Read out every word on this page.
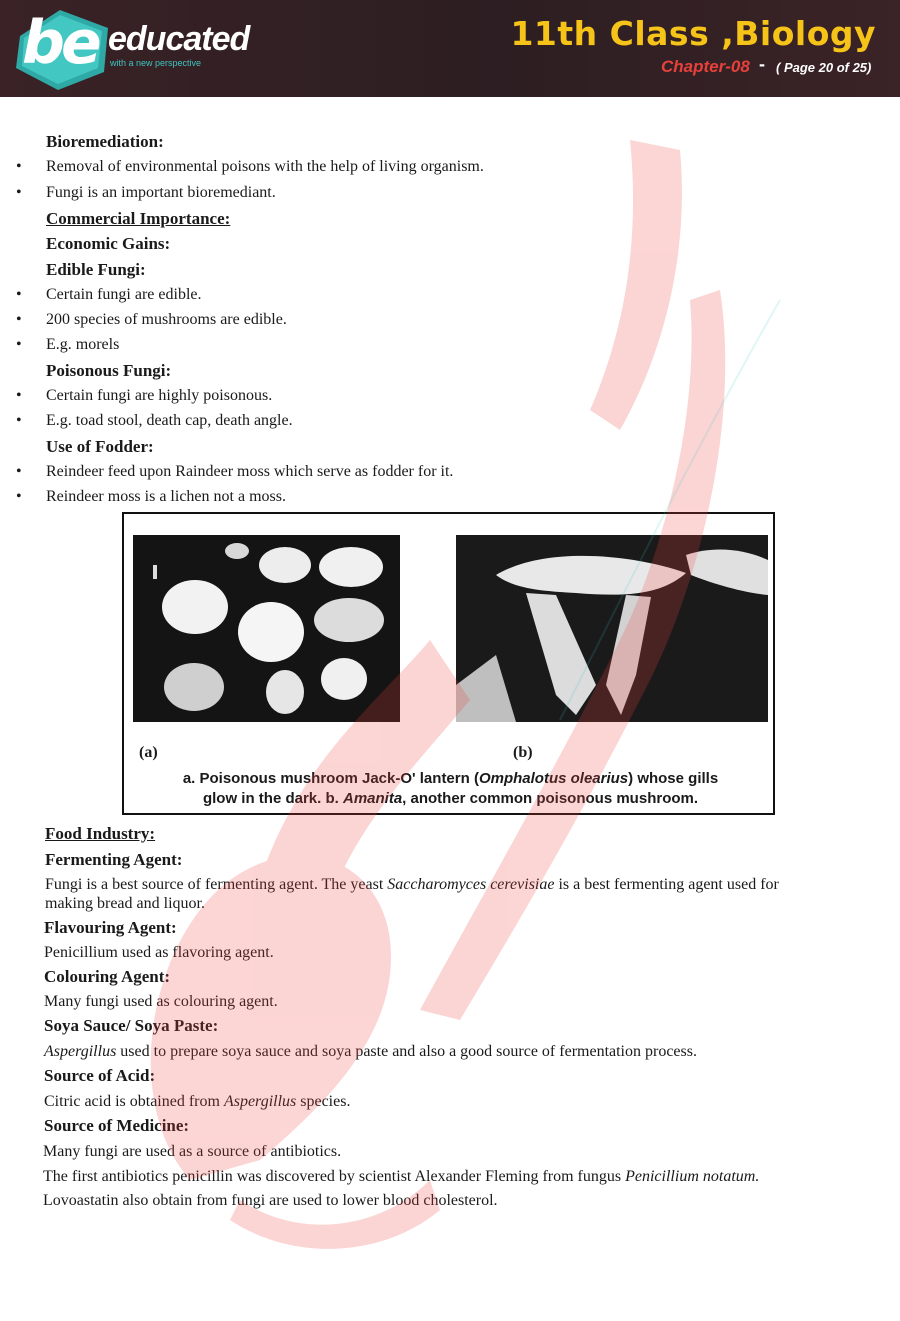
be educated
with a new perspective
11th Class ,Biology
Chapter-08 - ( Page 20 of 25)
Bioremediation:
• Removal of environmental poisons with the help of living organism.
• Fungi is an important bioremediant.
Commercial Importance:
Economic Gains:
Edible Fungi:
• Certain fungi are edible.
• 200 species of mushrooms are edible.
• E.g. morels
Poisonous Fungi:
• Certain fungi are highly poisonous.
• E.g. toad stool, death cap, death angle.
Use of Fodder:
• Reindeer feed upon Raindeer moss which serve as fodder for it.
• Reindeer moss is a lichen not a moss.
(a)	(b)
a. Poisonous mushroom Jack-O' lantern (Omphalotus olearius) whose gills
glow in the dark. b. Amanita, another common poisonous mushroom.
Food Industry:
Fermenting Agent:
Fungi is a best source of fermenting agent. The yeast Saccharomyces cerevisiae is a best fermenting agent used for
making bread and liquor.
Flavouring Agent:
Penicillium used as flavoring agent.
Colouring Agent:
Many fungi used as colouring agent.
Soya Sauce/ Soya Paste:
Aspergillus used to prepare soya sauce and soya paste and also a good source of fermentation process.
Source of Acid:
Citric acid is obtained from Aspergillus species.
Source of Medicine:
Many fungi are used as a source of antibiotics.
The first antibiotics penicillin was discovered by scientist Alexander Fleming from fungus Penicillium notatum.
Lovoastatin also obtain from fungi are used to lower blood cholesterol.
